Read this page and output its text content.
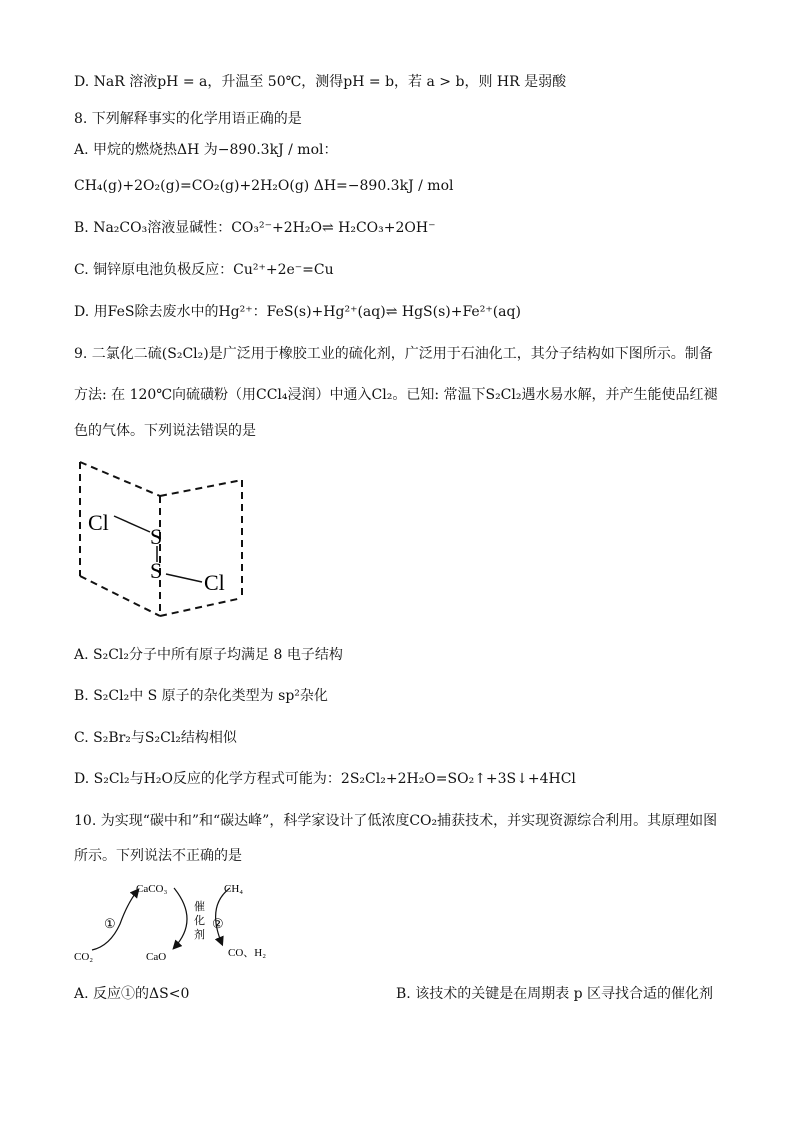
D. NaR 溶液pH = a，升温至 50℃，测得pH = b，若 a > b，则 HR 是弱酸
8. 下列解释事实的化学用语正确的是
A. 甲烷的燃烧热ΔH 为−890.3kJ / mol：
CH₄(g)+2O₂(g)=CO₂(g)+2H₂O(g) ΔH=−890.3kJ / mol
B. Na₂CO₃溶液显碱性：CO₃²⁻+2H₂O⇌ H₂CO₃+2OH⁻
C. 铜锌原电池负极反应：Cu²⁺+2e⁻=Cu
D. 用FeS除去废水中的Hg²⁺：FeS(s)+Hg²⁺(aq)⇌ HgS(s)+Fe²⁺(aq)
9. 二氯化二硫(S₂Cl₂)是广泛用于橡胶工业的硫化剂，广泛用于石油化工，其分子结构如下图所示。制备
方法: 在 120℃向硫磺粉（用CCl₄浸润）中通入Cl₂。已知: 常温下S₂Cl₂遇水易水解，并产生能使品红褪
色的气体。下列说法错误的是
Cl
S
S Cl
A. S₂Cl₂分子中所有原子均满足 8 电子结构
B. S₂Cl₂中 S 原子的杂化类型为 sp²杂化
C. S₂Br₂与S₂Cl₂结构相似
D. S₂Cl₂与H₂O反应的化学方程式可能为：2S₂Cl₂+2H₂O=SO₂↑+3S↓+4HCl
10. 为实现“碳中和”和“碳达峰”，科学家设计了低浓度CO₂捕获技术，并实现资源综合利用。其原理如图
所示。下列说法不正确的是
CaCO₃
CaO
CO₂
CH₄
CO、H₂
①	②
催
化
剂
A. 反应①的ΔS<0	B. 该技术的关键是在周期表 p 区寻找合适的催化剂
